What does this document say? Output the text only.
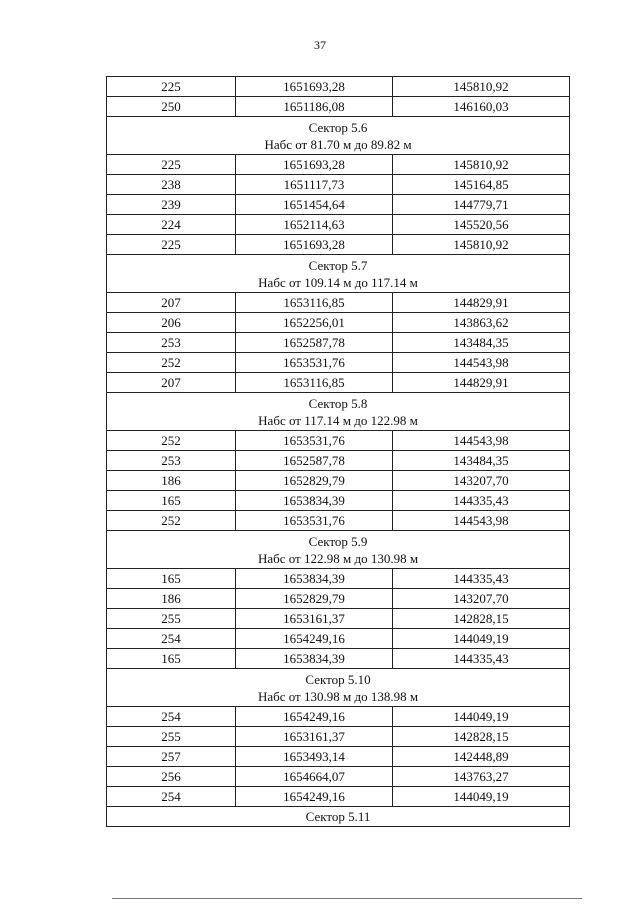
37
225	1651693,28	145810,92
250	1651186,08	146160,03

Сектор 5.6
Набс от 81.70 м до 89.82 м		

225	1651693,28	145810,92
238	1651117,73	145164,85
239	1651454,64	144779,71
224	1652114,63	145520,56
225	1651693,28	145810,92

Сектор 5.7
Набс от 109.14 м до 117.14 м		

207	1653116,85	144829,91
206	1652256,01	143863,62
253	1652587,78	143484,35
252	1653531,76	144543,98
207	1653116,85	144829,91

Сектор 5.8
Набс от 117.14 м до 122.98 м		

252	1653531,76	144543,98
253	1652587,78	143484,35
186	1652829,79	143207,70
165	1653834,39	144335,43
252	1653531,76	144543,98

Сектор 5.9
Набс от 122.98 м до 130.98 м		

165	1653834,39	144335,43
186	1652829,79	143207,70
255	1653161,37	142828,15
254	1654249,16	144049,19
165	1653834,39	144335,43

Сектор 5.10
Набс от 130.98 м до 138.98 м		

254	1654249,16	144049,19
255	1653161,37	142828,15
257	1653493,14	142448,89
256	1654664,07	143763,27
254	1654249,16	144049,19

Сектор 5.11		
